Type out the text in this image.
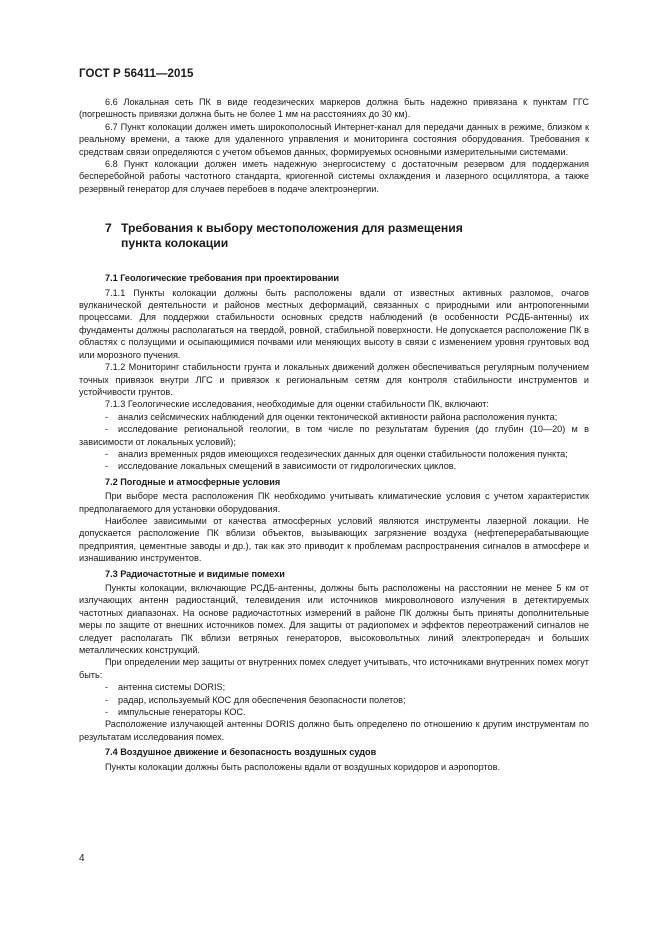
ГОСТ Р 56411—2015

6.6 Локальная сеть ПК в виде геодезических маркеров должна быть надежно привязана к пунктам ГГС (погрешность привязки должна быть не более 1 мм на расстояниях до 30 км).

6.7 Пункт колокации должен иметь широкополосный Интернет-канал для передачи данных в режиме, близком к реальному времени, а также для удаленного управления и мониторинга состояния оборудования. Требования к средствам связи определяются с учетом объемов данных, формируемых основными измерительными системами.

6.8 Пункт колокации должен иметь надежную энергосистему с достаточным резервом для поддержания бесперебойной работы частотного стандарта, криогенной системы охлаждения и лазерного осциллятора, а также резервный генератор для случаев перебоев в подаче электроэнергии.

7 Требования к выбору местоположения для размещения
пункта колокации

7.1 Геологические требования при проектировании

7.1.1 Пункты колокации должны быть расположены вдали от известных активных разломов, очагов вулканической деятельности и районов местных деформаций, связанных с природными или антропогенными процессами. Для поддержки стабильности основных средств наблюдений (в особенности РСДБ-антенны) их фундаменты должны располагаться на твердой, ровной, стабильной поверхности. Не допускается расположение ПК в областях с ползущими и осыпающимися почвами или меняющих высоту в связи с изменением уровня грунтовых вод или морозного пучения.

7.1.2 Мониторинг стабильности грунта и локальных движений должен обеспечиваться регулярным получением точных привязок внутри ЛГС и привязок к региональным сетям для контроля стабильности инструментов и устойчивости грунтов.

7.1.3 Геологические исследования, необходимые для оценки стабильности ПК, включают:

- анализ сейсмических наблюдений для оценки тектонической активности района расположения пункта;

- исследование региональной геологии, в том числе по результатам бурения (до глубин (10—20) м в зависимости от локальных условий);

- анализ временных рядов имеющихся геодезических данных для оценки стабильности положения пункта;

- исследование локальных смещений в зависимости от гидрологических циклов.

7.2 Погодные и атмосферные условия

При выборе места расположения ПК необходимо учитывать климатические условия с учетом характеристик предполагаемого для установки оборудования.

Наиболее зависимыми от качества атмосферных условий являются инструменты лазерной локации. Не допускается расположение ПК вблизи объектов, вызывающих загрязнение воздуха (нефтеперерабатывающие предприятия, цементные заводы и др.), так как это приводит к проблемам распространения сигналов в атмосфере и изнашиванию инструментов.

7.3 Радиочастотные и видимые помехи

Пункты колокации, включающие РСДБ-антенны, должны быть расположены на расстоянии не менее 5 км от излучающих антенн радиостанций, телевидения или источников микроволнового излучения в детектируемых частотных диапазонах. На основе радиочастотных измерений в районе ПК должны быть приняты дополнительные меры по защите от внешних источников помех. Для защиты от радиопомех и эффектов переотражений сигналов не следует располагать ПК вблизи ветряных генераторов, высоковольтных линий электропередач и больших металлических конструкций.

При определении мер защиты от внутренних помех следует учитывать, что источниками внутренних помех могут быть:

- антенна системы DORIS;

- радар, используемый КОС для обеспечения безопасности полетов;

- импульсные генераторы КОС.

Расположение излучающей антенны DORIS должно быть определено по отношению к другим инструментам по результатам исследования помех.

7.4 Воздушное движение и безопасность воздушных судов

Пункты колокации должны быть расположены вдали от воздушных коридоров и аэропортов.

4
